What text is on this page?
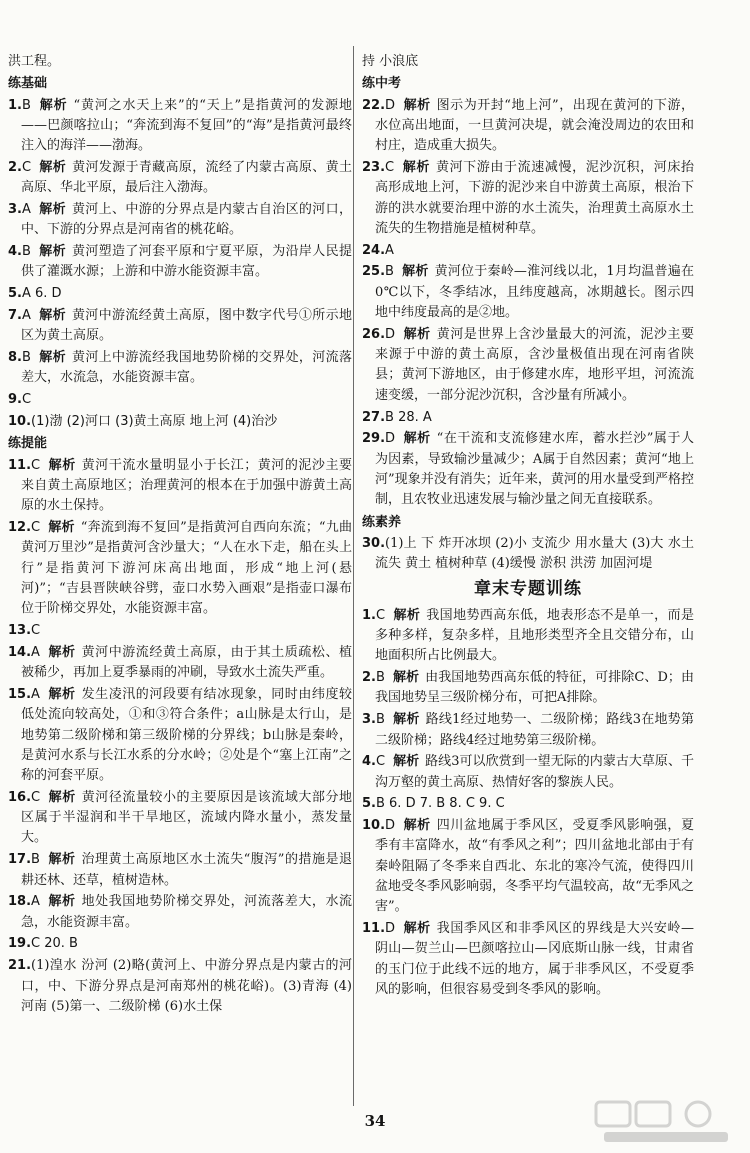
洪工程。
练基础
1.B 解析 “黄河之水天上来”的“天上”是指黄河的发源地——巴颜喀拉山；“奔流到海不复回”的“海”是指黄河最终注入的海洋——渤海。
2.C 解析 黄河发源于青藏高原，流经了内蒙古高原、黄土高原、华北平原，最后注入渤海。
3.A 解析 黄河上、中游的分界点是内蒙古自治区的河口，中、下游的分界点是河南省的桃花峪。
4.B 解析 黄河塑造了河套平原和宁夏平原，为沿岸人民提供了灌溉水源；上游和中游水能资源丰富。
5.A 6. D
7.A 解析 黄河中游流经黄土高原，图中数字代号①所示地区为黄土高原。
8.B 解析 黄河上中游流经我国地势阶梯的交界处，河流落差大，水流急，水能资源丰富。
9.C
10.(1)渤 (2)河口 (3)黄土高原 地上河 (4)治沙
练提能
11.C 解析 黄河干流水量明显小于长江；黄河的泥沙主要来自黄土高原地区；治理黄河的根本在于加强中游黄土高原的水土保持。
12.C 解析 “奔流到海不复回”是指黄河自西向东流；“九曲黄河万里沙”是指黄河含沙量大；“人在水下走，船在头上行”是指黄河下游河床高出地面，形成“地上河(悬河)”；“吉县晋陕峡谷劈，壶口水势入画艰”是指壶口瀑布位于阶梯交界处，水能资源丰富。
13.C
14.A 解析 黄河中游流经黄土高原，由于其土质疏松、植被稀少，再加上夏季暴雨的冲刷，导致水土流失严重。
15.A 解析 发生凌汛的河段要有结冰现象，同时由纬度较低处流向较高处，①和③符合条件；a山脉是太行山，是地势第二级阶梯和第三级阶梯的分界线；b山脉是秦岭，是黄河水系与长江水系的分水岭；②处是个“塞上江南”之称的河套平原。
16.C 解析 黄河径流量较小的主要原因是该流域大部分地区属于半湿润和半干旱地区，流域内降水量小，蒸发量大。
17.B 解析 治理黄土高原地区水土流失“腹泻”的措施是退耕还林、还草，植树造林。
18.A 解析 地处我国地势阶梯交界处，河流落差大，水流急，水能资源丰富。
19.C 20. B
21.(1)湟水 汾河 (2)略(黄河上、中游分界点是内蒙古的河口，中、下游分界点是河南郑州的桃花峪)。(3)青海 (4)河南 (5)第一、二级阶梯 (6)水土保
持 小浪底
练中考
22.D 解析 图示为开封“地上河”，出现在黄河的下游，水位高出地面，一旦黄河决堤，就会淹没周边的农田和村庄，造成重大损失。
23.C 解析 黄河下游由于流速减慢，泥沙沉积，河床抬高形成地上河，下游的泥沙来自中游黄土高原，根治下游的洪水就要治理中游的水土流失，治理黄土高原水土流失的生物措施是植树种草。
24.A
25.B 解析 黄河位于秦岭—淮河线以北，1月均温普遍在0℃以下，冬季结冰，且纬度越高，冰期越长。图示四地中纬度最高的是②地。
26.D 解析 黄河是世界上含沙量最大的河流，泥沙主要来源于中游的黄土高原，含沙量极值出现在河南省陕县；黄河下游地区，由于修建水库，地形平坦，河流流速变缓，一部分泥沙沉积，含沙量有所减小。
27.B 28. A
29.D 解析 “在干流和支流修建水库，蓄水拦沙”属于人为因素，导致输沙量减少；A属于自然因素；黄河“地上河”现象并没有消失；近年来，黄河的用水量受到严格控制，且农牧业迅速发展与输沙量之间无直接联系。
练素养
30.(1)上 下 炸开冰坝 (2)小 支流少 用水量大 (3)大 水土流失 黄土 植树种草 (4)缓慢 淤积 洪涝 加固河堤
章末专题训练
1.C 解析 我国地势西高东低，地表形态不是单一，而是多种多样，复杂多样，且地形类型齐全且交错分布，山地面积所占比例最大。
2.B 解析 由我国地势西高东低的特征，可排除C、D；由我国地势呈三级阶梯分布，可把A排除。
3.B 解析 路线1经过地势一、二级阶梯；路线3在地势第二级阶梯；路线4经过地势第三级阶梯。
4.C 解析 路线3可以欣赏到一望无际的内蒙古大草原、千沟万壑的黄土高原、热情好客的黎族人民。
5.B 6. D 7. B 8. C 9. C
10.D 解析 四川盆地属于季风区，受夏季风影响强，夏季有丰富降水，故“有季风之利”；四川盆地北部由于有秦岭阻隔了冬季来自西北、东北的寒冷气流，使得四川盆地受冬季风影响弱，冬季平均气温较高，故“无季风之害”。
11.D 解析 我国季风区和非季风区的界线是大兴安岭—阴山—贺兰山—巴颜喀拉山—冈底斯山脉一线，甘肃省的玉门位于此线不远的地方，属于非季风区，不受夏季风的影响，但很容易受到冬季风的影响。
34
